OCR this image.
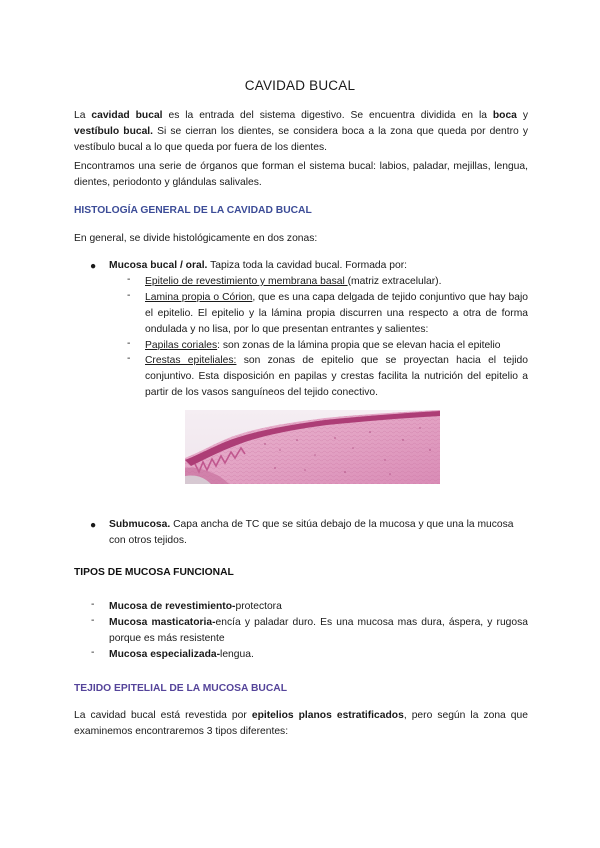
CAVIDAD BUCAL
La cavidad bucal es la entrada del sistema digestivo. Se encuentra dividida en la boca y vestíbulo bucal. Si se cierran los dientes, se considera boca a la zona que queda por dentro y vestíbulo bucal a lo que queda por fuera de los dientes.
Encontramos una serie de órganos que forman el sistema bucal: labios, paladar, mejillas, lengua, dientes, periodonto y glándulas salivales.
HISTOLOGÍA GENERAL DE LA CAVIDAD BUCAL
En general, se divide histológicamente en dos zonas:
● Mucosa bucal / oral. Tapiza toda la cavidad bucal. Formada por:
- Epitelio de revestimiento y membrana basal (matriz extracelular).
- Lamina propia o Córion, que es una capa delgada de tejido conjuntivo que hay bajo el epitelio. El epitelio y la lámina propia discurren una respecto a otra de forma ondulada y no lisa, por lo que presentan entrantes y salientes:
- Papilas coriales: son zonas de la lámina propia que se elevan hacia el epitelio
- Crestas epiteliales: son zonas de epitelio que se proyectan hacia el tejido conjuntivo. Esta disposición en papilas y crestas facilita la nutrición del epitelio a partir de los vasos sanguíneos del tejido conectivo.
● Submucosa. Capa ancha de TC que se sitúa debajo de la mucosa y que una la mucosa con otros tejidos.
TIPOS DE MUCOSA FUNCIONAL
- Mucosa de revestimiento-protectora
- Mucosa masticatoria-encía y paladar duro. Es una mucosa mas dura, áspera, y rugosa porque es más resistente
- Mucosa especializada-lengua.
TEJIDO EPITELIAL DE LA MUCOSA BUCAL
La cavidad bucal está revestida por epitelios planos estratificados, pero según la zona que examinemos encontraremos 3 tipos diferentes:
